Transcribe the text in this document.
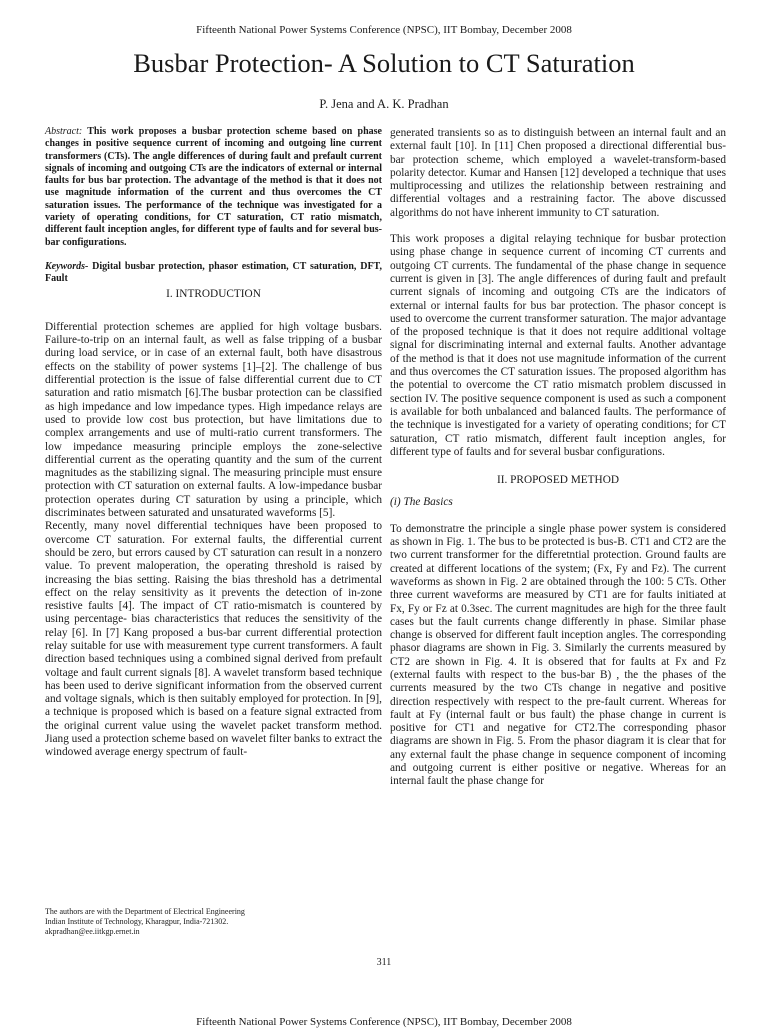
Fifteenth National Power Systems Conference (NPSC), IIT Bombay, December 2008
Busbar Protection- A Solution to CT Saturation
P. Jena and A. K. Pradhan

Abstract: This work proposes a busbar protection scheme based on phase changes in positive sequence current of incoming and outgoing line current transformers (CTs). The angle differences of during fault and prefault current signals of incoming and outgoing CTs are the indicators of external or internal faults for bus bar protection. The advantage of the method is that it does not use magnitude information of the current and thus overcomes the CT saturation issues. The performance of the technique was investigated for a variety of operating conditions, for CT saturation, CT ratio mismatch, different fault inception angles, for different type of faults and for several bus-bar configurations.

Keywords- Digital busbar protection, phasor estimation, CT saturation, DFT, Fault

I. INTRODUCTION

Differential protection schemes are applied for high voltage busbars. Failure-to-trip on an internal fault, as well as false tripping of a busbar during load service, or in case of an external fault, both have disastrous effects on the stability of power systems [1]–[2]. The challenge of bus differential protection is the issue of false differential current due to CT saturation and ratio mismatch [6].The busbar protection can be classified as high impedance and low impedance types. High impedance relays are used to provide low cost bus protection, but have limitations due to complex arrangements and use of multi-ratio current transformers. The low impedance measuring principle employs the zone-selective differential current as the operating quantity and the sum of the current magnitudes as the stabilizing signal. The measuring principle must ensure protection with CT saturation on external faults. A low-impedance busbar protection operates during CT saturation by using a principle, which discriminates between saturated and unsaturated waveforms [5].

Recently, many novel differential techniques have been proposed to overcome CT saturation. For external faults, the differential current should be zero, but errors caused by CT saturation can result in a nonzero value. To prevent maloperation, the operating threshold is raised by increasing the bias setting. Raising the bias threshold has a detrimental effect on the relay sensitivity as it prevents the detection of in-zone resistive faults [4]. The impact of CT ratio-mismatch is countered by using percentage- bias characteristics that reduces the sensitivity of the relay [6]. In [7] Kang proposed a bus-bar current differential protection relay suitable for use with measurement type current transformers. A fault direction based techniques using a combined signal derived from prefault voltage and fault current signals [8]. A wavelet transform based technique has been used to derive significant information from the observed current and voltage signals, which is then suitably employed for protection. In [9], a technique is proposed which is based on a feature signal extracted from the original current value using the wavelet packet transform method. Jiang used a protection scheme based on wavelet filter banks to extract the windowed average energy spectrum of fault-

generated transients so as to distinguish between an internal fault and an external fault [10]. In [11] Chen proposed a directional differential bus-bar protection scheme, which employed a wavelet-transform-based polarity detector. Kumar and Hansen [12] developed a technique that uses multiprocessing and utilizes the relationship between restraining and differential voltages and a restraining factor. The above discussed algorithms do not have inherent immunity to CT saturation.

This work proposes a digital relaying technique for busbar protection using phase change in sequence current of incoming CT currents and outgoing CT currents. The fundamental of the phase change in sequence current is given in [3]. The angle differences of during fault and prefault current signals of incoming and outgoing CTs are the indicators of external or internal faults for bus bar protection. The phasor concept is used to overcome the current transformer saturation. The major advantage of the proposed technique is that it does not require additional voltage signal for discriminating internal and external faults. Another advantage of the method is that it does not use magnitude information of the current and thus overcomes the CT saturation issues. The proposed algorithm has the potential to overcome the CT ratio mismatch problem discussed in section IV. The positive sequence component is used as such a component is available for both unbalanced and balanced faults. The performance of the technique is investigated for a variety of operating conditions; for CT saturation, CT ratio mismatch, different fault inception angles, for different type of faults and for several busbar configurations.

II. PROPOSED METHOD

(i) The Basics

To demonstratre the principle a single phase power system is considered as shown in Fig. 1. The bus to be protected is bus-B. CT1 and CT2 are the two current transformer for the differetntial protection. Ground faults are created at different locations of the system; (Fx, Fy and Fz). The current waveforms as shown in Fig. 2 are obtained through the 100: 5 CTs. Other three current waveforms are measured by CT1 are for faults initiated at Fx, Fy or Fz at 0.3sec. The current magnitudes are high for the three fault cases but the fault currents change differently in phase. Similar phase change is observed for different fault inception angles. The corresponding phasor diagrams are shown in Fig. 3. Similarly the currents measured by CT2 are shown in Fig. 4. It is obsered that for faults at Fx and Fz (external faults with respect to the bus-bar B) , the the phases of the currents measured by the two CTs change in negative and positive direction respectively with respect to the pre-fault current. Whereas for fault at Fy (internal fault or bus fault) the phase change in current is positive for CT1 and negative for CT2.The corresponding phasor diagrams are shown in Fig. 5. From the phasor diagram it is clear that for any external fault the phase change in sequence component of incoming and outgoing current is either positive or negative. Whereas for an internal fault the phase change for

The authors are with the Department of Electrical Engineering
Indian Institute of Technology, Kharagpur, India-721302.
akpradhan@ee.iitkgp.ernet.in
311
Fifteenth National Power Systems Conference (NPSC), IIT Bombay, December 2008
